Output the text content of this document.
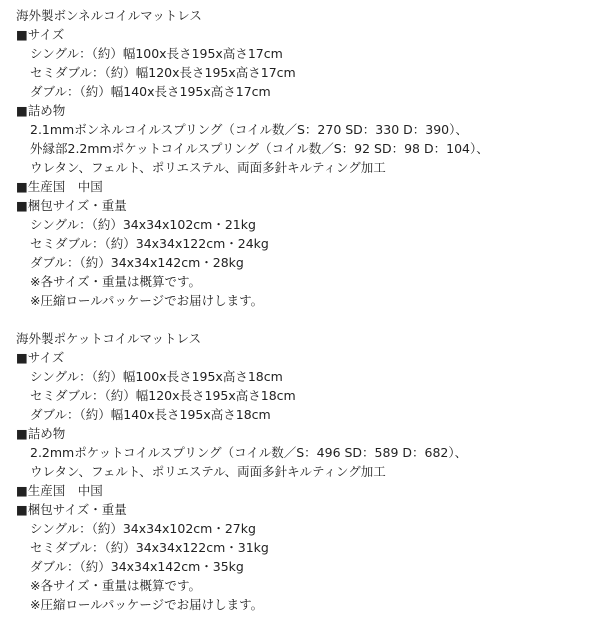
海外製ボンネルコイルマットレス
■サイズ
シングル：（約）幅100x長さ195x高さ17cm
セミダブル：（約）幅120x長さ195x高さ17cm
ダブル：（約）幅140x長さ195x高さ17cm
■詰め物
2.1mmボンネルコイルスプリング（コイル数／S：270 SD：330 D：390）、
外縁部2.2mmポケットコイルスプリング（コイル数／S：92 SD：98 D：104）、
ウレタン、フェルト、ポリエステル、両面多針キルティング加工
■生産国　中国
■梱包サイズ・重量
シングル：（約）34x34x102cm・21kg
セミダブル：（約）34x34x122cm・24kg
ダブル：（約）34x34x142cm・28kg
※各サイズ・重量は概算です。
※圧縮ロールパッケージでお届けします。
海外製ポケットコイルマットレス
■サイズ
シングル：（約）幅100x長さ195x高さ18cm
セミダブル：（約）幅120x長さ195x高さ18cm
ダブル：（約）幅140x長さ195x高さ18cm
■詰め物
2.2mmポケットコイルスプリング（コイル数／S：496 SD：589 D：682）、
ウレタン、フェルト、ポリエステル、両面多針キルティング加工
■生産国　中国
■梱包サイズ・重量
シングル：（約）34x34x102cm・27kg
セミダブル：（約）34x34x122cm・31kg
ダブル：（約）34x34x142cm・35kg
※各サイズ・重量は概算です。
※圧縮ロールパッケージでお届けします。
